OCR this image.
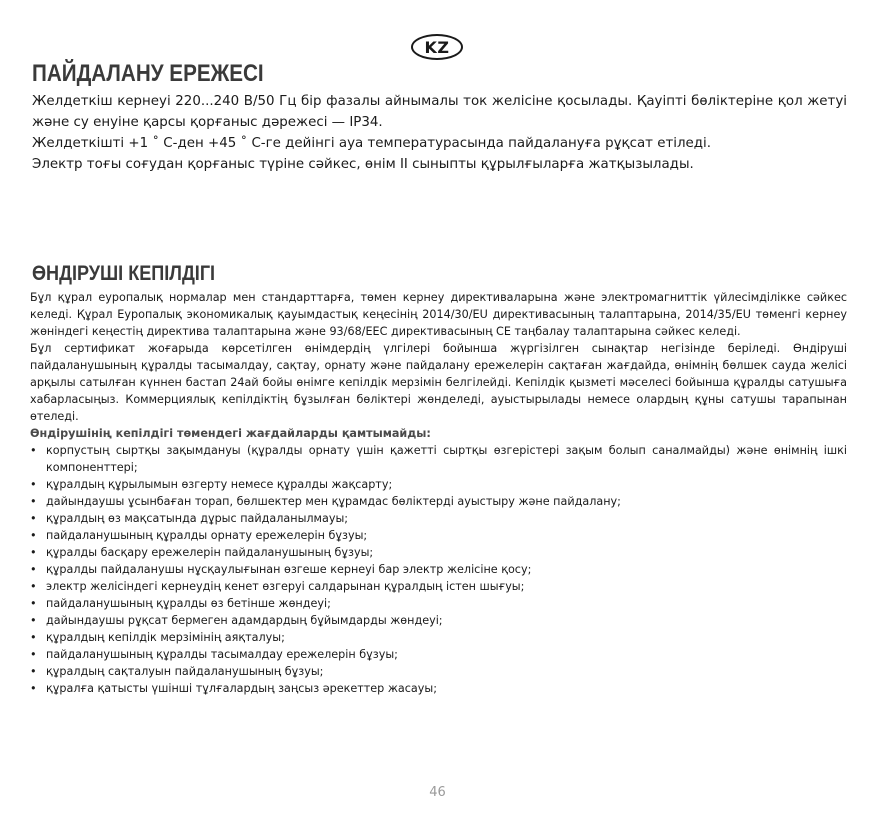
KZ
ПАЙДАЛАНУ ЕРЕЖЕСІ

Желдеткіш кернеуі 220...240 В/50 Гц бір фазалы айнымалы ток желісіне қосылады. Қауіпті бөліктеріне қол жетуі және су енуіне қарсы қорғаныс дәрежесі — IP34.

Желдеткішті +1 ˚ С-ден +45 ˚ С-ге дейінгі ауа температурасында пайдалануға рұқсат етіледі.

Электр тоғы соғудан қорғаныс түріне сәйкес, өнім ІІ сыныпты құрылғыларға жатқызылады.

ӨНДІРУШІ КЕПІЛДІГІ

Бұл құрал еуропалық нормалар мен стандарттарға, төмен кернеу директиваларына және электромагниттік үйлесімділікке сәйкес келеді. Құрал Еуропалық экономикалық қауымдастық кеңесінің 2014/30/EU директивасының талаптарына, 2014/35/EU төменгі кернеу жөніндегі кеңестің директива талаптарына және 93/68/EEC директивасының CE таңбалау талаптарына сәйкес келеді.

Бұл сертификат жоғарыда көрсетілген өнімдердің үлгілері бойынша жүргізілген сынақтар негізінде беріледі. Өндіруші пайдаланушының құралды тасымалдау, сақтау, орнату және пайдалану ережелерін сақтаған жағдайда, өнімнің бөлшек сауда желісі арқылы сатылған күннен бастап 24ай бойы өнімге кепілдік мерзімін белгілейді. Кепілдік қызметі мәселесі бойынша құралды сатушыға хабарласыңыз. Коммерциялық кепілдіктің бұзылған бөліктері жөнделеді, ауыстырылады немесе олардың құны сатушы тарапынан өтеледі.

Өндірушінің кепілдігі төмендегі жағдайларды қамтымайды:

• корпустың сыртқы зақымдануы (құралды орнату үшін қажетті сыртқы өзгерістері зақым болып саналмайды) және өнімнің ішкі компоненттері;
• құралдың құрылымын өзгерту немесе құралды жақсарту;
• дайындаушы ұсынбаған торап, бөлшектер мен құрамдас бөліктерді ауыстыру және пайдалану;
• құралдың өз мақсатында дұрыс пайдаланылмауы;
• пайдаланушының құралды орнату ережелерін бұзуы;
• құралды басқару ережелерін пайдаланушының бұзуы;
• құралды пайдаланушы нұсқаулығынан өзгеше кернеуі бар электр желісіне қосу;
• электр желісіндегі кернеудің кенет өзгеруі салдарынан құралдың істен шығуы;
• пайдаланушының құралды өз бетінше жөндеуі;
• дайындаушы рұқсат бермеген адамдардың бұйымдарды жөндеуі;
• құралдың кепілдік мерзімінің аяқталуы;
• пайдаланушының құралды тасымалдау ережелерін бұзуы;
• құралдың сақталуын пайдаланушының бұзуы;
• құралға қатысты үшінші тұлғалардың заңсыз әрекеттер жасауы;
46
